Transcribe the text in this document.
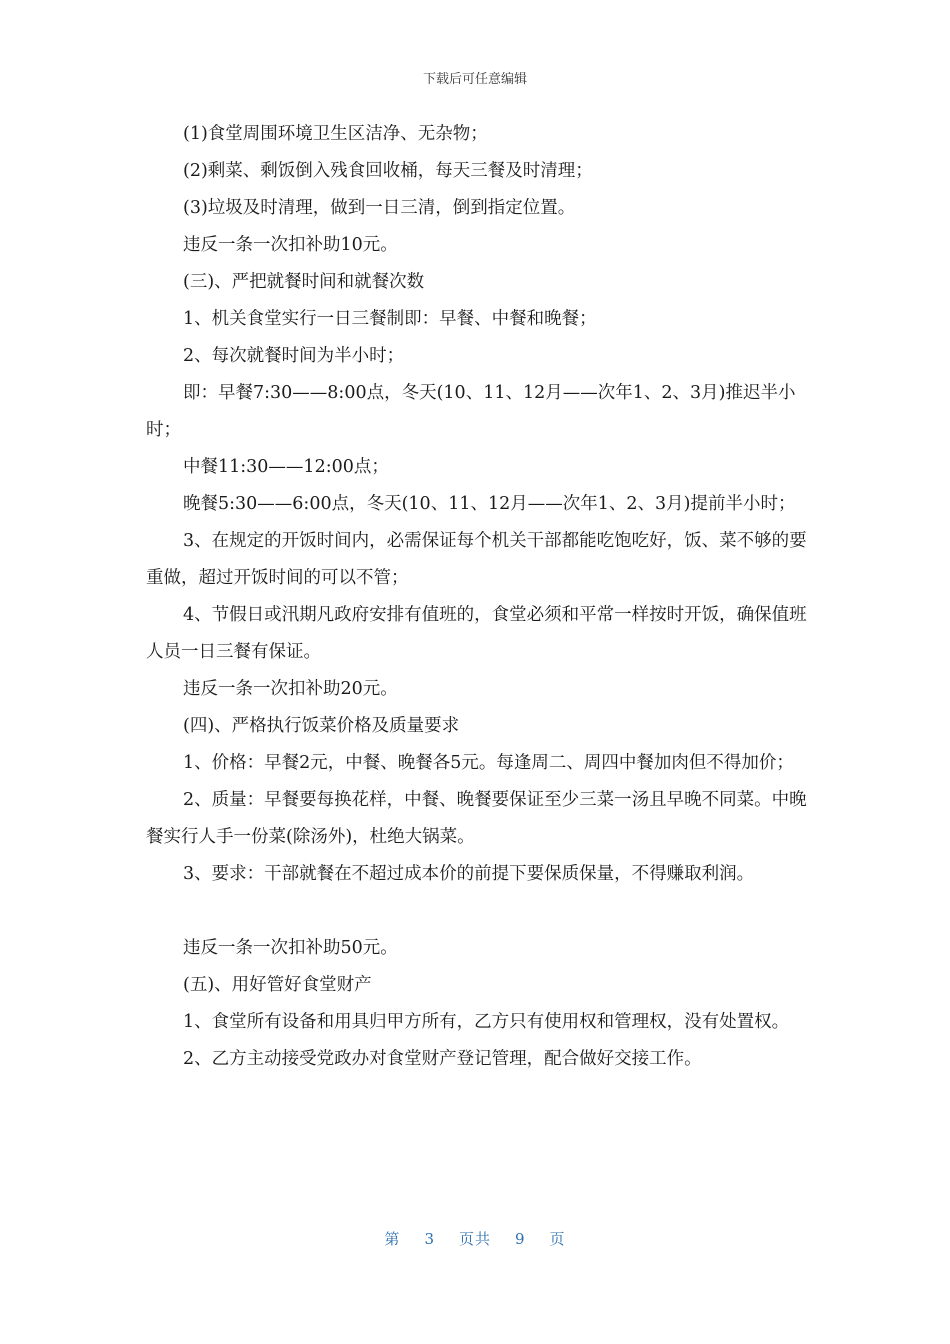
下载后可任意编辑

(1)食堂周围环境卫生区洁净、无杂物；

(2)剩菜、剩饭倒入残食回收桶，每天三餐及时清理；

(3)垃圾及时清理，做到一日三清，倒到指定位置。

违反一条一次扣补助10元。

(三)、严把就餐时间和就餐次数

1、机关食堂实行一日三餐制即：早餐、中餐和晚餐；

2、每次就餐时间为半小时；

即：早餐7:30——8:00点，冬天(10、11、12月——次年1、2、3月)推迟半小时；

中餐11:30——12:00点；

晚餐5:30——6:00点，冬天(10、11、12月——次年1、2、3月)提前半小时；

3、在规定的开饭时间内，必需保证每个机关干部都能吃饱吃好，饭、菜不够的要重做，超过开饭时间的可以不管；

4、节假日或汛期凡政府安排有值班的，食堂必须和平常一样按时开饭，确保值班人员一日三餐有保证。

违反一条一次扣补助20元。

(四)、严格执行饭菜价格及质量要求

1、价格：早餐2元，中餐、晚餐各5元。每逢周二、周四中餐加肉但不得加价；

2、质量：早餐要每换花样，中餐、晚餐要保证至少三菜一汤且早晚不同菜。中晚餐实行人手一份菜(除汤外)，杜绝大锅菜。

3、要求：干部就餐在不超过成本价的前提下要保质保量，不得赚取利润。

违反一条一次扣补助50元。

(五)、用好管好食堂财产

1、食堂所有设备和用具归甲方所有，乙方只有使用权和管理权，没有处置权。

2、乙方主动接受党政办对食堂财产登记管理，配合做好交接工作。

第 3 页共 9 页
